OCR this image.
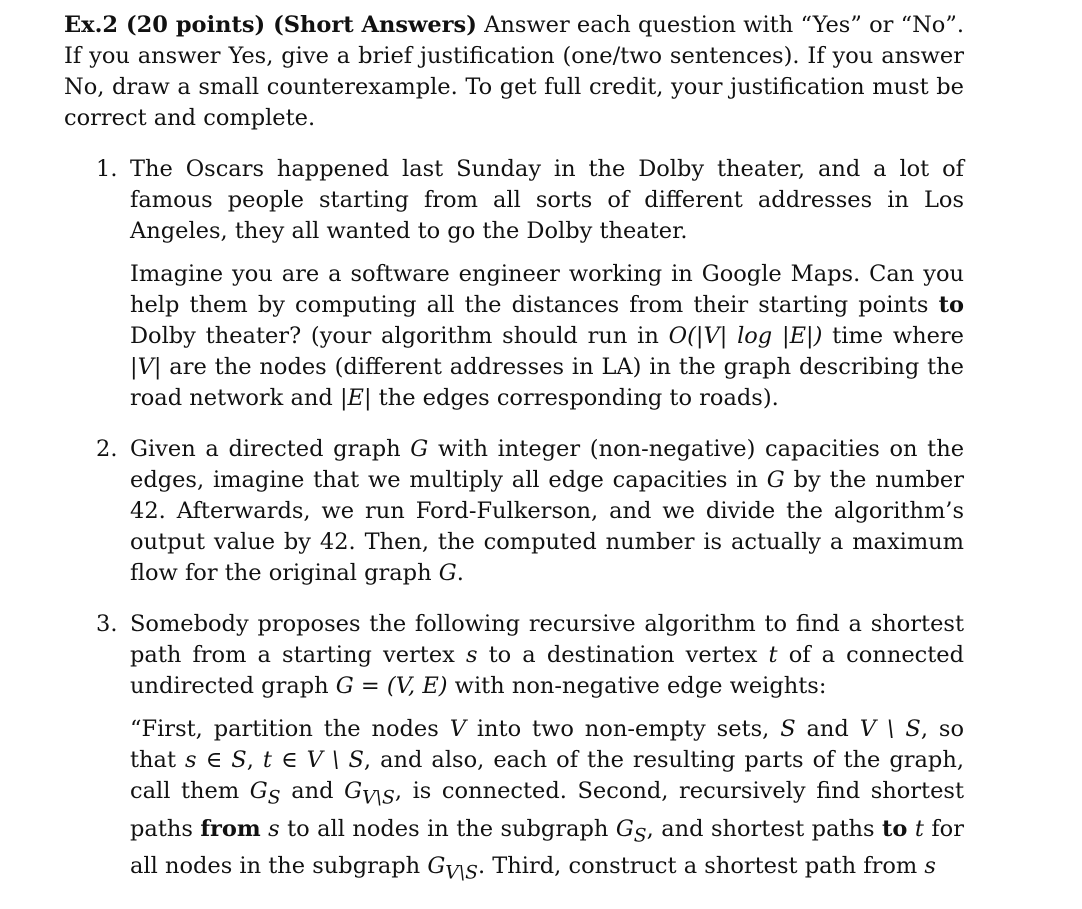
Ex.2 (20 points) (Short Answers) Answer each question with “Yes” or “No”. If you answer Yes, give a brief justification (one/two sentences). If you answer No, draw a small counterexample. To get full credit, your justification must be correct and complete.

1. The Oscars happened last Sunday in the Dolby theater, and a lot of famous people starting from all sorts of different addresses in Los Angeles, they all wanted to go the Dolby theater.

Imagine you are a software engineer working in Google Maps. Can you help them by computing all the distances from their starting points to Dolby theater? (your algorithm should run in O(|V| log |E|) time where |V| are the nodes (different addresses in LA) in the graph describing the road network and |E| the edges corresponding to roads).

2. Given a directed graph G with integer (non-negative) capacities on the edges, imagine that we multiply all edge capacities in G by the number 42. Afterwards, we run Ford-Fulkerson, and we divide the algorithm’s output value by 42. Then, the computed number is actually a maximum flow for the original graph G.

3. Somebody proposes the following recursive algorithm to find a shortest path from a starting vertex s to a destination vertex t of a connected undirected graph G = (V, E) with non-negative edge weights:

“First, partition the nodes V into two non-empty sets, S and V \ S, so that s ∈ S, t ∈ V \ S, and also, each of the resulting parts of the graph, call them $G_S$ and $G_{V\backslash S}$, is connected. Second, recursively find shortest paths from s to all nodes in the subgraph $G_S$, and shortest paths to t for all nodes in the subgraph $G_{V\backslash S}$. Third, construct a shortest path from s
